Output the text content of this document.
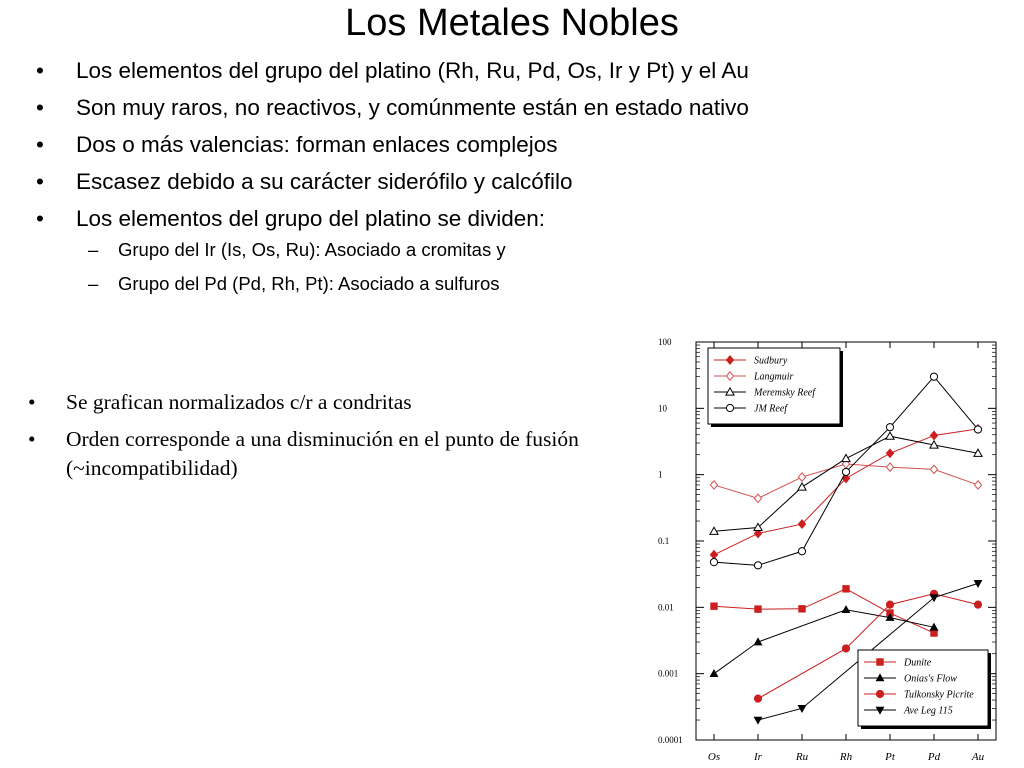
Los Metales Nobles
• Los elementos del grupo del platino (Rh, Ru, Pd, Os, Ir y Pt) y el Au
• Son muy raros, no reactivos, y comúnmente están en estado nativo
• Dos o más valencias: forman enlaces complejos
• Escasez debido a su carácter siderófilo y calcófilo
• Los elementos del grupo del platino se dividen:
– Grupo del Ir (Is, Os, Ru): Asociado a cromitas y
– Grupo del Pd (Pd, Rh, Pt): Asociado a sulfuros
• Se grafican normalizados c/r a condritas
• Orden corresponde a una disminución en el punto de fusión (~incompatibilidad)
100
10
1
0.1
0.01
0.001
0.0001
Os	Ir	Ru	Rh	Pt	Pd	Au
Sudbury
Langmuir
Meremsky Reef
JM Reef
Dunite
Onias's Flow
Tulkonsky Picrite
Ave Leg 115
